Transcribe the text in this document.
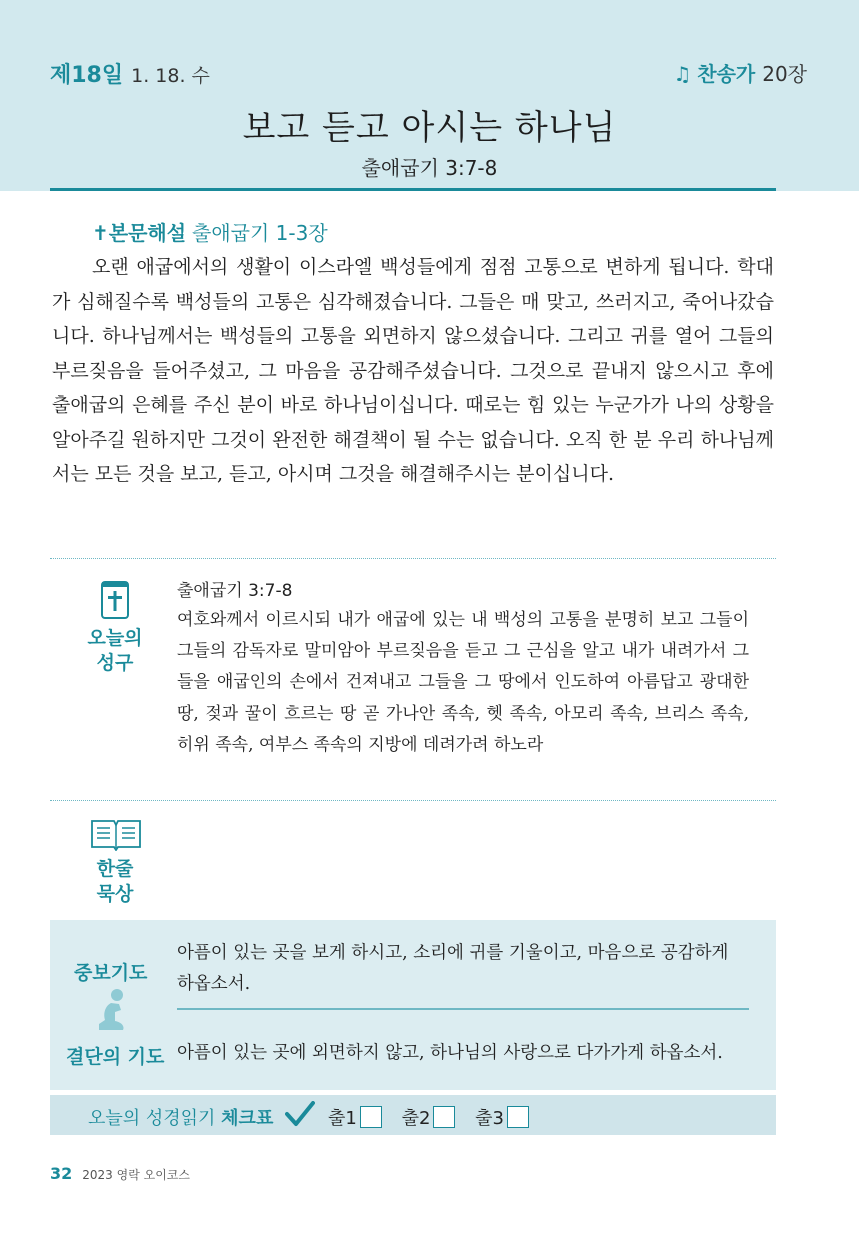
제18일 1. 18. 수	♫ 찬송가 20장
보고 듣고 아시는 하나님
출애굽기 3:7-8
✝본문해설 출애굽기 1-3장

오랜 애굽에서의 생활이 이스라엘 백성들에게 점점 고통으로 변하게 됩니다. 학대가 심해질수록 백성들의 고통은 심각해졌습니다. 그들은 매 맞고, 쓰러지고, 죽어나갔습니다. 하나님께서는 백성들의 고통을 외면하지 않으셨습니다. 그리고 귀를 열어 그들의 부르짖음을 들어주셨고, 그 마음을 공감해주셨습니다. 그것으로 끝내지 않으시고 후에 출애굽의 은혜를 주신 분이 바로 하나님이십니다. 때로는 힘 있는 누군가가 나의 상황을 알아주길 원하지만 그것이 완전한 해결책이 될 수는 없습니다. 오직 한 분 우리 하나님께서는 모든 것을 보고, 듣고, 아시며 그것을 해결해주시는 분이십니다.

오늘의
성구
출애굽기 3:7-8

여호와께서 이르시되 내가 애굽에 있는 내 백성의 고통을 분명히 보고 그들이 그들의 감독자로 말미암아 부르짖음을 듣고 그 근심을 알고 내가 내려가서 그들을 애굽인의 손에서 건져내고 그들을 그 땅에서 인도하여 아름답고 광대한 땅, 젖과 꿀이 흐르는 땅 곧 가나안 족속, 헷 족속, 아모리 족속, 브리스 족속, 히위 족속, 여부스 족속의 지방에 데려가려 하노라

한줄
묵상
중보기도

아픔이 있는 곳을 보게 하시고, 소리에 귀를 기울이고, 마음으로 공감하게 하옵소서.

결단의 기도 아픔이 있는 곳에 외면하지 않고, 하나님의 사랑으로 다가가게 하옵소서.

오늘의 성경읽기 체크표	출1 출2 출3
32 2023 영락 오이코스
